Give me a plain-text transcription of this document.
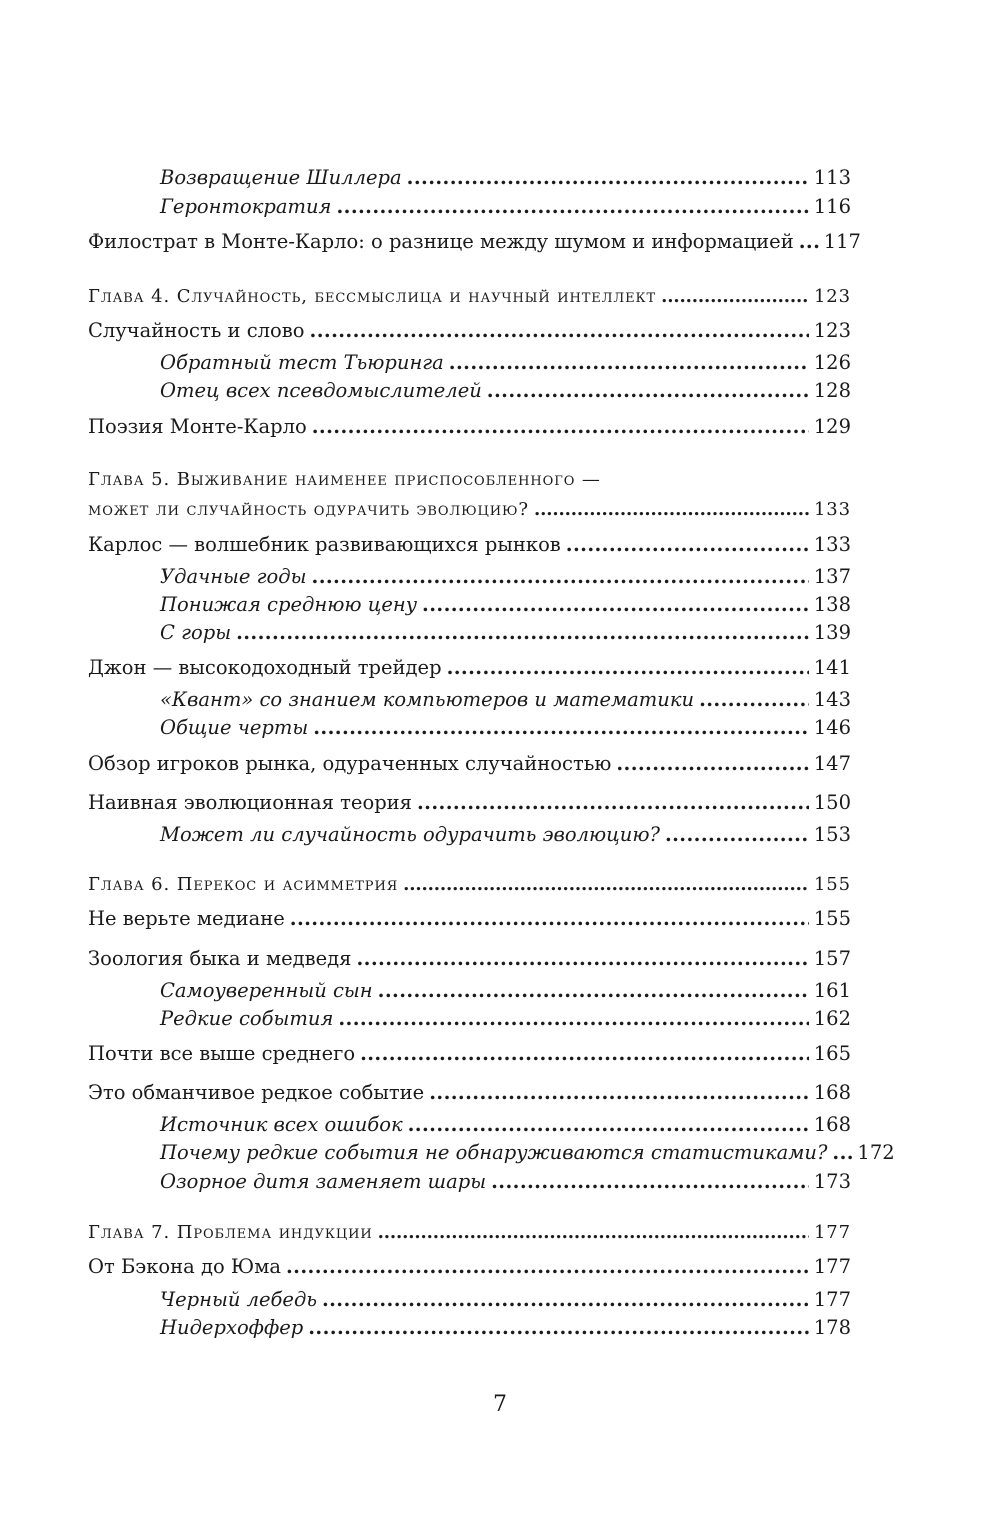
Возвращение Шиллера . . .	113
Геронтократия . . .	116
Филострат в Монте-Карло: о разнице между шумом и информацией . . . 117
Глава 4. Случайность, бессмыслица и научный интеллект . . .	123
Случайность и слово . . .	123
Обратный тест Тьюринга . . .	126
Отец всех псевдомыслителей . . .	128
Поэзия Монте-Карло . . .	129
Глава 5. Выживание наименее приспособленного —
может ли случайность одурачить эволюцию? . . .	133
Карлос — волшебник развивающихся рынков . . .	133
Удачные годы . . .	137
Понижая среднюю цену . . .	138
С горы . . .	139
Джон — высокодоходный трейдер . . .	141
«Квант» со знанием компьютеров и математики . . .	143
Общие черты . . .	146
Обзор игроков рынка, одураченных случайностью . . .	147
Наивная эволюционная теория . . .	150
Может ли случайность одурачить эволюцию? . . .	153
Глава 6. Перекос и асимметрия . . .	155
Не верьте медиане . . .	155
Зоология быка и медведя . . .	157
Самоуверенный сын . . .	161
Редкие события . . .	162
Почти все выше среднего . . .	165
Это обманчивое редкое событие . . .	168
Источник всех ошибок . . .	168
Почему редкие события не обнаруживаются статистиками? . . . 172
Озорное дитя заменяет шары . . .	173
Глава 7. Проблема индукции . . .	177
От Бэкона до Юма . . .	177
Черный лебедь . . .	177
Нидерхоффер . . .	178
7
